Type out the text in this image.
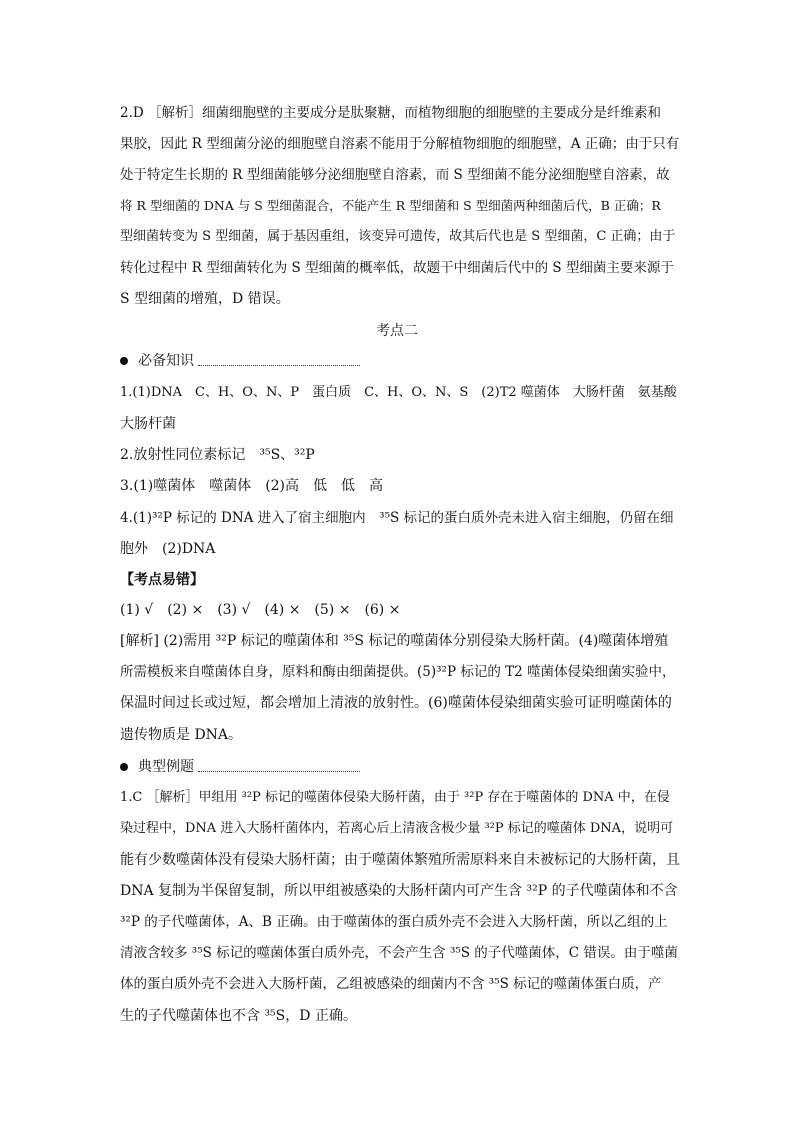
2.D ［解析］细菌细胞壁的主要成分是肽聚糖，而植物细胞的细胞壁的主要成分是纤维素和
果胶，因此 R 型细菌分泌的细胞壁自溶素不能用于分解植物细胞的细胞壁，A 正确；由于只有
处于特定生长期的 R 型细菌能够分泌细胞壁自溶素，而 S 型细菌不能分泌细胞壁自溶素，故
将 R 型细菌的 DNA 与 S 型细菌混合，不能产生 R 型细菌和 S 型细菌两种细菌后代，B 正确；R
型细菌转变为 S 型细菌，属于基因重组，该变异可遗传，故其后代也是 S 型细菌，C 正确；由于
转化过程中 R 型细菌转化为 S 型细菌的概率低，故题干中细菌后代中的 S 型细菌主要来源于
S 型细菌的增殖，D 错误。
考点二
必备知识
1.(1)DNA　C、H、O、N、P　蛋白质　C、H、O、N、S　(2)T2 噬菌体　大肠杆菌　氨基酸
大肠杆菌
2.放射性同位素标记　³⁵S、³²P
3.(1)噬菌体　噬菌体　(2)高　低　低　高
4.(1)³²P 标记的 DNA 进入了宿主细胞内　³⁵S 标记的蛋白质外壳未进入宿主细胞，仍留在细
胞外　(2)DNA
【考点易错】
(1) √　(2) ×　(3) √　(4) ×　(5) ×　(6) ×
[解析] (2)需用 ³²P 标记的噬菌体和 ³⁵S 标记的噬菌体分别侵染大肠杆菌。(4)噬菌体增殖
所需模板来自噬菌体自身，原料和酶由细菌提供。(5)³²P 标记的 T2 噬菌体侵染细菌实验中，
保温时间过长或过短，都会增加上清液的放射性。(6)噬菌体侵染细菌实验可证明噬菌体的
遗传物质是 DNA。
典型例题
1.C ［解析］甲组用 ³²P 标记的噬菌体侵染大肠杆菌，由于 ³²P 存在于噬菌体的 DNA 中，在侵
染过程中，DNA 进入大肠杆菌体内，若离心后上清液含极少量 ³²P 标记的噬菌体 DNA，说明可
能有少数噬菌体没有侵染大肠杆菌；由于噬菌体繁殖所需原料来自未被标记的大肠杆菌，且
DNA 复制为半保留复制，所以甲组被感染的大肠杆菌内可产生含 ³²P 的子代噬菌体和不含
³²P 的子代噬菌体，A、B 正确。由于噬菌体的蛋白质外壳不会进入大肠杆菌，所以乙组的上
清液含较多 ³⁵S 标记的噬菌体蛋白质外壳，不会产生含 ³⁵S 的子代噬菌体，C 错误。由于噬菌
体的蛋白质外壳不会进入大肠杆菌，乙组被感染的细菌内不含 ³⁵S 标记的噬菌体蛋白质，产
生的子代噬菌体也不含 ³⁵S，D 正确。
